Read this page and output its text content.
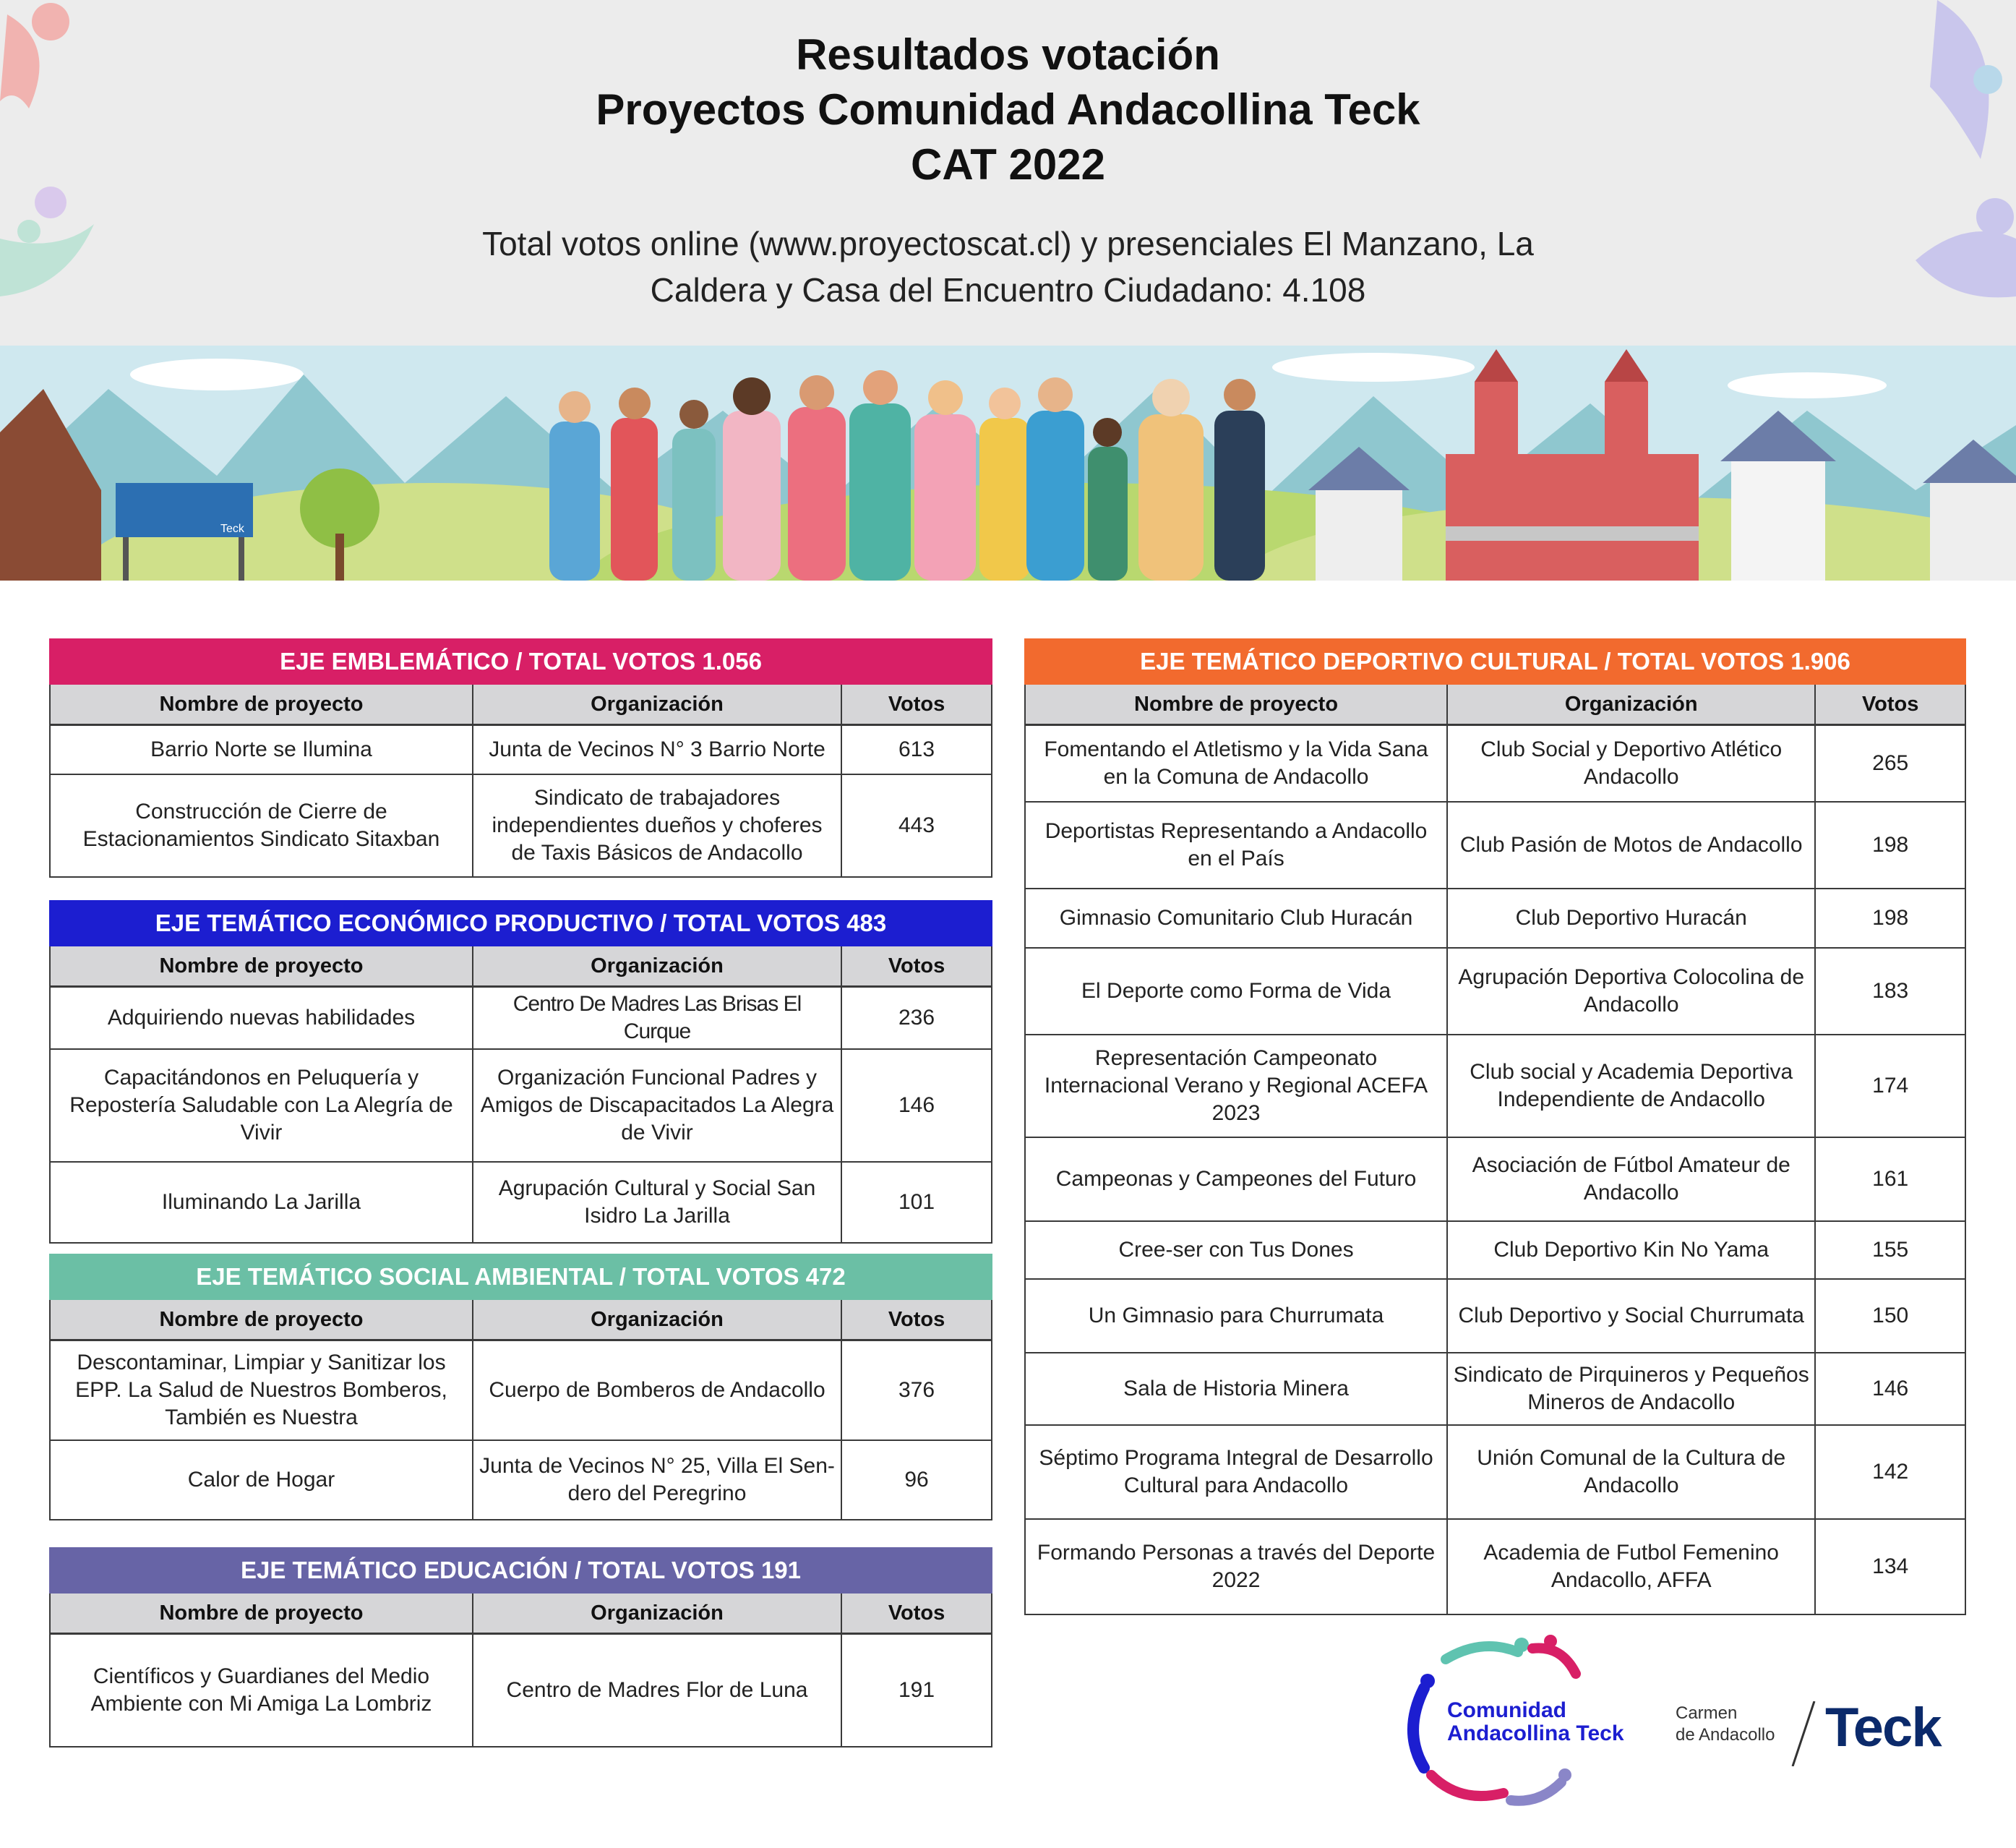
Resultados votación
Proyectos Comunidad Andacollina Teck
CAT 2022
Total votos online (www.proyectoscat.cl) y presenciales El Manzano, La
Caldera y Casa del Encuentro Ciudadano: 4.108
Teck
EJE EMBLEMÁTICO / TOTAL VOTOS 1.056
Nombre de proyecto	Organización	Votos
Barrio Norte se Ilumina	Junta de Vecinos N° 3 Barrio Norte	613
Construcción de Cierre de Estacionamientos Sindicato Sitaxban	Sindicato de trabajadores independientes dueños y choferes de Taxis Básicos de Andacollo	443
EJE TEMÁTICO ECONÓMICO PRODUCTIVO / TOTAL VOTOS 483
Nombre de proyecto	Organización	Votos
Adquiriendo nuevas habilidades	Centro De Madres Las Brisas El Curque	236
Capacitándonos en Peluquería y Repostería Saludable con La Alegría de Vivir	Organización Funcional Padres y Amigos de Discapacitados La Alegra de Vivir	146
Iluminando La Jarilla	Agrupación Cultural y Social San Isidro La Jarilla	101
EJE TEMÁTICO SOCIAL AMBIENTAL / TOTAL VOTOS 472
Nombre de proyecto	Organización	Votos
Descontaminar, Limpiar y Sanitizar los EPP. La Salud de Nuestros Bomberos, También es Nuestra	Cuerpo de Bomberos de Andacollo	376
Calor de Hogar	Junta de Vecinos N° 25, Villa El Sen-dero del Peregrino	96
EJE TEMÁTICO EDUCACIÓN / TOTAL VOTOS 191
Nombre de proyecto	Organización	Votos
Científicos y Guardianes del Medio Ambiente con Mi Amiga La Lombriz	Centro de Madres Flor de Luna	191
EJE TEMÁTICO DEPORTIVO CULTURAL / TOTAL VOTOS 1.906
Nombre de proyecto	Organización	Votos
Fomentando el Atletismo y la Vida Sana en la Comuna de Andacollo	Club Social y Deportivo Atlético Andacollo	265
Deportistas Representando a Andacollo en el País	Club Pasión de Motos de Andacollo	198
Gimnasio Comunitario Club Huracán	Club Deportivo Huracán	198
El Deporte como Forma de Vida	Agrupación Deportiva Colocolina de Andacollo	183
Representación Campeonato Internacional Verano y Regional ACEFA 2023	Club social y Academia Deportiva Independiente de Andacollo	174
Campeonas y Campeones del Futuro	Asociación de Fútbol Amateur de Andacollo	161
Cree-ser con Tus Dones	Club Deportivo Kin No Yama	155
Un Gimnasio para Churrumata	Club Deportivo y Social Churrumata	150
Sala de Historia Minera	Sindicato de Pirquineros y Pequeños Mineros de Andacollo	146
Séptimo Programa Integral de Desarrollo Cultural para Andacollo	Unión Comunal de la Cultura de Andacollo	142
Formando Personas a través del Deporte 2022	Academia de Futbol Femenino Andacollo, AFFA	134
Comunidad
Andacollina Teck
Carmen
de Andacollo Teck
